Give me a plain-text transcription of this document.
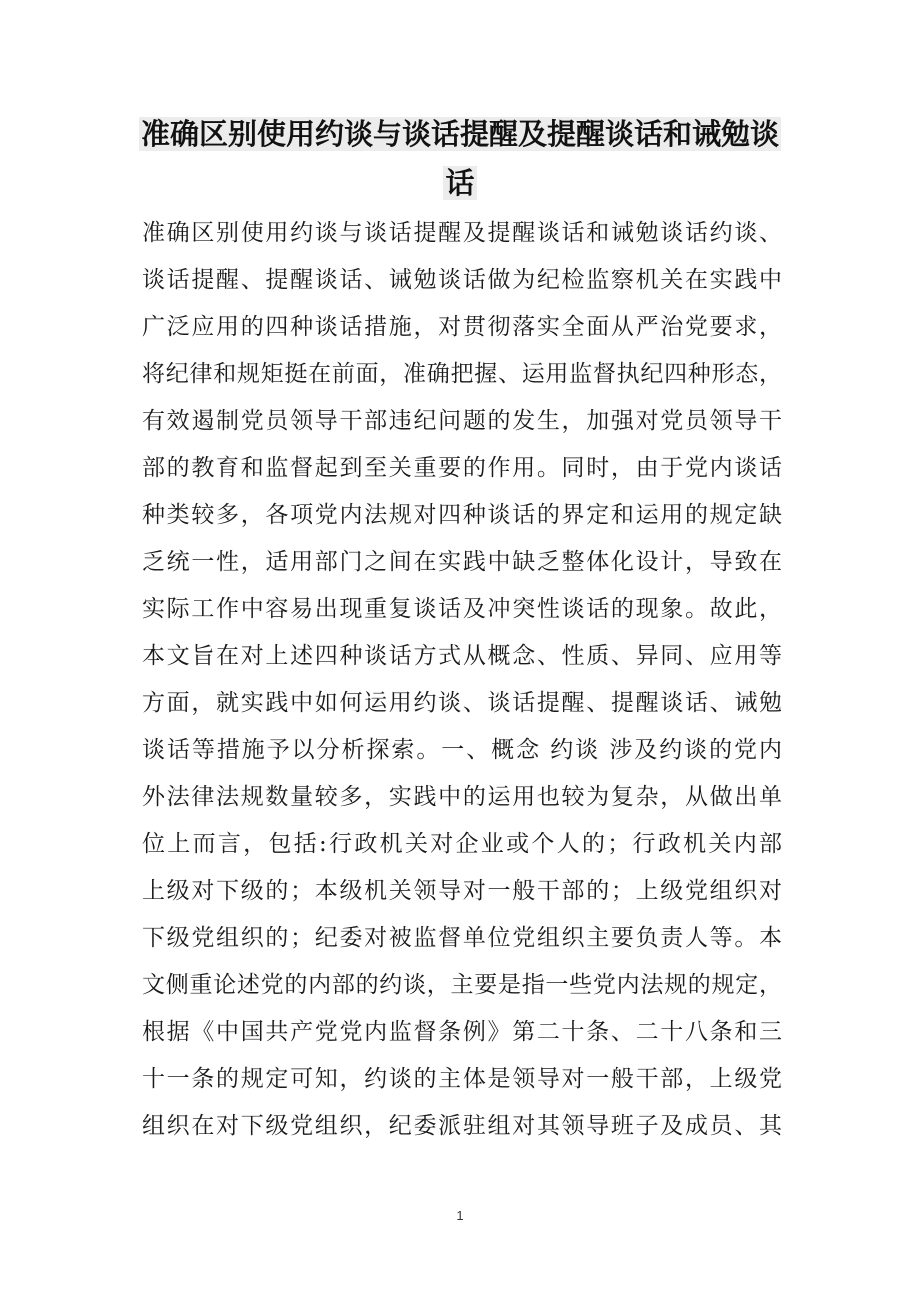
准确区别使用约谈与谈话提醒及提醒谈话和诫勉谈
话
准确区别使用约谈与谈话提醒及提醒谈话和诫勉谈话约谈、
谈话提醒、提醒谈话、诫勉谈话做为纪检监察机关在实践中
广泛应用的四种谈话措施，对贯彻落实全面从严治党要求，
将纪律和规矩挺在前面，准确把握、运用监督执纪四种形态，
有效遏制党员领导干部违纪问题的发生，加强对党员领导干
部的教育和监督起到至关重要的作用。同时，由于党内谈话
种类较多，各项党内法规对四种谈话的界定和运用的规定缺
乏统一性，适用部门之间在实践中缺乏整体化设计，导致在
实际工作中容易出现重复谈话及冲突性谈话的现象。故此，
本文旨在对上述四种谈话方式从概念、性质、异同、应用等
方面，就实践中如何运用约谈、谈话提醒、提醒谈话、诫勉
谈话等措施予以分析探索。一、概念 约谈 涉及约谈的党内
外法律法规数量较多，实践中的运用也较为复杂，从做出单
位上而言，包括:行政机关对企业或个人的；行政机关内部
上级对下级的；本级机关领导对一般干部的；上级党组织对
下级党组织的；纪委对被监督单位党组织主要负责人等。本
文侧重论述党的内部的约谈，主要是指一些党内法规的规定，
根据《中国共产党党内监督条例》第二十条、二十八条和三
十一条的规定可知，约谈的主体是领导对一般干部，上级党
组织在对下级党组织，纪委派驻组对其领导班子及成员、其
1
